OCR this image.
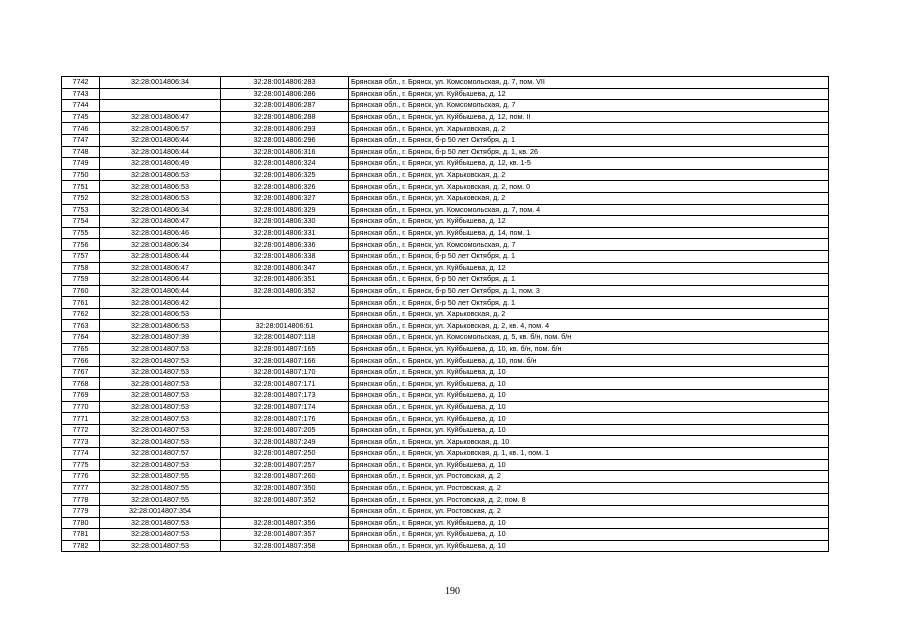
7742	32:28:0014806:34	32:28:0014806:283	Брянская обл., г. Брянск, ул. Комсомольская, д. 7, пом. VII
7743		32:28:0014806:286	Брянская обл., г. Брянск, ул. Куйбышева, д. 12
7744		32:28:0014806:287	Брянская обл., г. Брянск, ул. Комсомольская, д. 7
7745	32:28:0014806:47	32:28:0014806:288	Брянская обл., г. Брянск, ул. Куйбышева, д. 12, пом. II
7746	32:28:0014806:57	32:28:0014806:293	Брянская обл., г. Брянск, ул. Харьковская, д. 2
7747	32:28:0014806:44	32:28:0014806:296	Брянская обл., г. Брянск, б-р 50 лет Октября, д. 1
7748	32:28:0014806:44	32:28:0014806:316	Брянская обл., г. Брянск, б-р 50 лет Октября, д. 1, кв. 26
7749	32:28:0014806:49	32:28:0014806:324	Брянская обл., г. Брянск, ул. Куйбышева, д. 12, кв. 1-5
7750	32:28:0014806:53	32:28:0014806:325	Брянская обл., г. Брянск, ул. Харьковская, д. 2
7751	32:28:0014806:53	32:28:0014806:326	Брянская обл., г. Брянск, ул. Харьковская, д. 2, пом. 0
7752	32:28:0014806:53	32:28:0014806:327	Брянская обл., г. Брянск, ул. Харьковская, д. 2
7753	32:28:0014806:34	32:28:0014806:329	Брянская обл., г. Брянск, ул. Комсомольская, д. 7, пом. 4
7754	32:28:0014806:47	32:28:0014806:330	Брянская обл., г. Брянск, ул. Куйбышева, д. 12
7755	32:28:0014806:46	32:28:0014806:331	Брянская обл., г. Брянск, ул. Куйбышева, д. 14, пом. 1
7756	32:28:0014806:34	32:28:0014806:336	Брянская обл., г. Брянск, ул. Комсомольская, д. 7
7757	32:28:0014806:44	32:28:0014806:338	Брянская обл., г. Брянск, б-р 50 лет Октября, д. 1
7758	32:28:0014806:47	32:28:0014806:347	Брянская обл., г. Брянск, ул. Куйбышева, д. 12
7759	32:28:0014806:44	32:28:0014806:351	Брянская обл., г. Брянск, б-р 50 лет Октября, д. 1
7760	32:28:0014806:44	32:28:0014806:352	Брянская обл., г. Брянск, б-р 50 лет Октября, д. 1, пом. 3
7761	32:28:0014806:42		Брянская обл., г. Брянск, б-р 50 лет Октября, д. 1
7762	32:28:0014806:53		Брянская обл., г. Брянск, ул. Харьковская, д. 2
7763	32:28:0014806:53	32:28:0014806:61	Брянская обл., г. Брянск, ул. Харьковская, д. 2, кв. 4, пом. 4
7764	32:28:0014807:39	32:28:0014807:118	Брянская обл., г. Брянск, ул. Комсомольская, д. 5, кв. б/н, пом. б/н
7765	32:28:0014807:53	32:28:0014807:165	Брянская обл., г. Брянск, ул. Куйбышева, д. 10, кв. б/н, пом. б/н
7766	32:28:0014807:53	32:28:0014807:166	Брянская обл., г. Брянск, ул. Куйбышева, д. 10, пом. б/н
7767	32:28:0014807:53	32:28:0014807:170	Брянская обл., г. Брянск, ул. Куйбышева, д. 10
7768	32:28:0014807:53	32:28:0014807:171	Брянская обл., г. Брянск, ул. Куйбышева, д. 10
7769	32:28:0014807:53	32:28:0014807:173	Брянская обл., г. Брянск, ул. Куйбышева, д. 10
7770	32:28:0014807:53	32:28:0014807:174	Брянская обл., г. Брянск, ул. Куйбышева, д. 10
7771	32:28:0014807:53	32:28:0014807:176	Брянская обл., г. Брянск, ул. Куйбышева, д. 10
7772	32:28:0014807:53	32:28:0014807:205	Брянская обл., г. Брянск, ул. Куйбышева, д. 10
7773	32:28:0014807:53	32:28:0014807:249	Брянская обл., г. Брянск, ул. Харьковская, д. 10
7774	32:28:0014807:57	32:28:0014807:250	Брянская обл., г. Брянск, ул. Харьковская, д. 1, кв. 1, пом. 1
7775	32:28:0014807:53	32:28:0014807:257	Брянская обл., г. Брянск, ул. Куйбышева, д. 10
7776	32:28:0014807:55	32:28:0014807:260	Брянская обл., г. Брянск, ул. Ростовская, д. 2
7777	32:28:0014807:55	32:28:0014807:350	Брянская обл., г. Брянск, ул. Ростовская, д. 2
7778	32:28:0014807:55	32:28:0014807:352	Брянская обл., г. Брянск, ул. Ростовская, д. 2, пом. 8
7779	32:28:0014807:354		Брянская обл., г. Брянск, ул. Ростовская, д. 2
7780	32:28:0014807:53	32:28:0014807:356	Брянская обл., г. Брянск, ул. Куйбышева, д. 10
7781	32:28:0014807:53	32:28:0014807:357	Брянская обл., г. Брянск, ул. Куйбышева, д. 10
7782	32:28:0014807:53	32:28:0014807:358	Брянская обл., г. Брянск, ул. Куйбышева, д. 10
190
